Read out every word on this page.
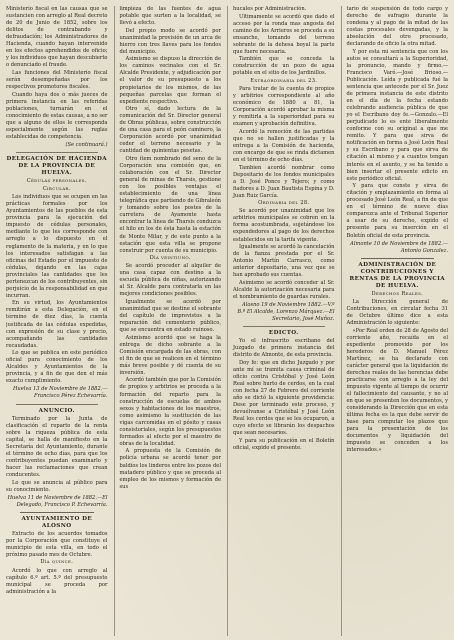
Ministerio fiscal en las causas que se sustancien con arreglo al Real decreto de 20 de Junio de 1852, sobre los delitos de contrabando y defraudación; los Administradores de Hacienda, cuando hayan intervenido en los efectos aprehendidos de oficio; y los individuos que hayan descubierto o denunciado el fraude.

Las funciones del Ministerio fiscal serán desempeñadas por los respectivos promotores fiscales.

Cuando haya dos o más jueces de primera instancia en las referidas poblaciones, turnarán en el conocimiento de estas causas, a no ser que a alguno de ellos le corresponda especialmente según las reglas establecidas de competencia.

(Se continuará.)

DELEGACIÓN DE HACIENDA DE LA PROVINCIA DE HUELVA.

Cédulas personales.

Circular.

Los individuos que se ocupen en las prácticas formales por los Ayuntamientos de las pueblos de esta provincia para la ejecución del impuesto de cédulas personales, mediante lo que les corresponde con arreglo a lo dispuesto en el reglamento de la materia, y en lo que los interesados satisfagan a las oficinas del Estado por el impuesto de cédulas, dejando en las cajas provinciales las cantidades que les pertenezcan de los contribuyentes, sin perjuicio de la responsabilidad en que incurran.

En su virtud, los Ayuntamientos remitirán a esta Delegación, en el término de diez días, la cuenta justificada de las cédulas expedidas, con expresión de su clase y precio, acompañando las cantidades recaudadas.

Lo que se publica en este periódico oficial para conocimiento de los Alcaldes y Ayuntamientos de la provincia, y a fin de que den el más exacto cumplimiento.

Huelva 13 de Noviembre de 1882.—Francisco Pérez Echevarría.

ANUNCIO.

Terminado por la Junta de clasificación el reparto de la renta sobre la riqueza pública de esta capital, se halla de manifiesto en la Secretaría del Ayuntamiento, durante el término de ocho días, para que los contribuyentes puedan examinarlo y hacer las reclamaciones que crean conducentes.

Lo que se anuncia al público para su conocimiento.

Huelva 11 de Noviembre de 1882.—El Delegado, Francisco P. Echevarría.

AYUNTAMIENTO DE ALOSNO

Extracto de los acuerdos tomados por la Corporación que constituye el municipio de esta villa, en todo el próximo pasado mes de Octubre.

Día quince.

Acordó lo que con arreglo al capítulo 6.º art. 5.º del presupuesto municipal se proceda por administración a la

limpieza de las fuentes de agua potable que surten a la localidad, se llevó a efecto.

Del propio modo se acordó por unanimidad la provisión de un arca de hierro con tres llaves para los fondos del municipio.

Asimismo se dispuso la dirección de los caminos vecinales con el Sr. Alcalde Presidente, y adjudicación por el valor de su presupuesto a los propietarios de los mismos, de las pequeñas parcelas que forman el expediente respectivo.

Otro sí, dado lectura de la comunicación del Sr. Director general de Obras públicas, sobre construcción de una casa para el peón caminero, la Corporación acordó por unanimidad ceder el terreno necesario y la cantidad de quinientas pesetas.

Otro ítem nombrado del seno de la Corporación una comisión que, en colaboración con el Sr. Director general de minas de Tharsis, gestione con los posibles ventajas el establecimiento de una línea telegráfica que partiendo de Gibraleón y tomando sobre los postes de la carretera de Ayamonte hasta encontrar la línea de Tharsis conduzca el hilo en los de ésta hasta la estación de Monte Milar, y de este punto a la estación que esta villa se propone construir por cuenta de su municipio.

Día veintiuno.

Se acordó proceder al alquiler de una casa capaz con destino a la escuela pública de niñas, autorizando al Sr. Alcalde para contratarla en las mejores condiciones posibles.

Igualmente se acordó por unanimidad que se destine el sobrante del capítulo de imprevistos a la reparación del cementerio público, que se encuentra en estado ruinoso.

Asimismo acordó que se haga la entrega de dicho sobrante a la Comisión encargada de las obras, con el fin de que se realicen en el término más breve posible y dé cuenta de su inversión.

Acordó también que por la Comisión de propios y arbitrios se proceda a la formación del reparto para la construcción de escuelas de ambos sexos y habitaciones de los maestros, como asimismo la sustitución de las vigas carcomidas en el pósito y casas consistoriales, según los presupuestos formados al efecto por el maestro de obras de la localidad.

A propuesta de la Comisión de policía urbana se acordó tener por baldíos los linderos entre los pozos del matadero público y que se proceda al empleo de los mismos y formación de sus

hucales por Administración.

Ultimamente se acordó que dado el acceso por la ronda mas angosta del camino de los Arrieros se proceda a su ensanche, tomando del terreno sobrante de la dehesa boyal la parte que fuere necesaria.

También que se conceda la construcción de un pozo de agua potable en el sitio de los Jardinillos.

Extraordinaria del 23.

Para tratar de la cuenta de propios y arbitrios correspondiente al año económico de 1880 a 81, la Corporación acordó aprobar la misma y remitirla a la superioridad para su examen y aprobación definitiva.

Acordó la remoción de las partidas que no se hallen justificadas y la entrega a la Comisión de hacienda, con encargo de que se rinda dictamen en el término de ocho días.

Tambien acordó nombrar como Depositario de los fondos municipales a D. José Ponce y Tejero; y como fiadores a D. Juan Bautista Espina y D. Juan Ruiz García.

Ordinaria del 28.

Se acordó por unanimidad que los arbitrios municipales se cobren en la forma acostumbrada, sujetándose los expendedores al pago de los derechos establecidos en la tarifa vigente.

Igualmente se acordó la cancelación de la fianza prestada por el Sr. Antonio Martín Carrasco, como anterior depositario, una vez que se han aprobado sus cuentas.

Asimismo se acordó conceder al Sr. Alcalde la autorización necesaria para el nombramiento de guardas rurales.

Alosno 19 de Noviembre 1882.—V.º B.º El Alcalde, Lorenzo Márquez.—El Secretario, José Muñoz.

EDICTO.

Yo el infrascrito escribano del Juzgado de primera instancia del distrito de Almonte, de esta provincia.

Doy fe: que en dicho Juzgado y por ante mí se tramita causa criminal de oficio contra Cristóbal y José León Real sobre hurto de cerdos, en la cual con fecha 27 de Febrero del corriente año se dictó la siguiente providencia: Dese por terminado este proceso, y devuélvanse a Cristóbal y José León Real los cerdos que se les ocuparon, a cuyo efecto se librarán los despachos que sean necesarios.

Y para su publicación en el Boletín oficial, expido el presente.

tario de suspensión de todo cargo y derecho de sufragio durante la condena y al pago de la mitad de las costas procesales devengadas, y la absolución del otro procesado, declarando de oficio la otra mitad.

Y por esta mi sentencia que con los autos se consultará a la Superioridad, la pronuncio, mando y firmo.—Francisco Varó.—José Brioso.—Publicación. Leída y publicada fué la sentencia que antecede por el Sr. Juez de primera instancia de este distrito en el día de la fecha estando celebrando audiencia pública de que yo el Escribano doy fe.—Gonzalo.—El perjudicado lo es ente liberalmente conforme con su original a que me remito. Y para que sirva de notificación en forma a José León Real y su Escribano y para que sirva de citación al mismo y a cuantos tengan interés en el asunto, y se ha tenido a bien insertar el presente edicto en este periódico oficial.

Y para que conste y sirva de citación y emplazamiento en forma al procesado José León Real, a fin de que en el término de nueve días comparezca ante el Tribunal Superior a usar de su derecho, expido el presente para su inserción en el Boletín oficial de esta provincia.

Almonte 10 de Noviembre de 1882.—Antonio Gonzalez.

ADMINISTRACIÓN DE CONTRIBUCIONES Y RENTAS DE LA PROVINCIA DE HUELVA.

Derechos Reales.

La Dirección general de Contribuciones, en circular fecha 31 de Octubre último dice a esta Administración lo siguiente:

«Por Real orden de 28 de Agosto del corriente año, recaída en el expediente promovido por los herederos de D. Manuel Pérez Martínez, se ha declarado con carácter general que la liquidación de derechos reales de las herencias debe practicarse con arreglo a la ley del impuesto vigente al tiempo de ocurrir el fallecimiento del causante, y no al en que se presenten los documentos, y considerando la Dirección que en esta última fecha es la que debe servir de base para computar los plazos que para la presentación de los documentos y liquidación del impuesto se conceden a los interesados.»
